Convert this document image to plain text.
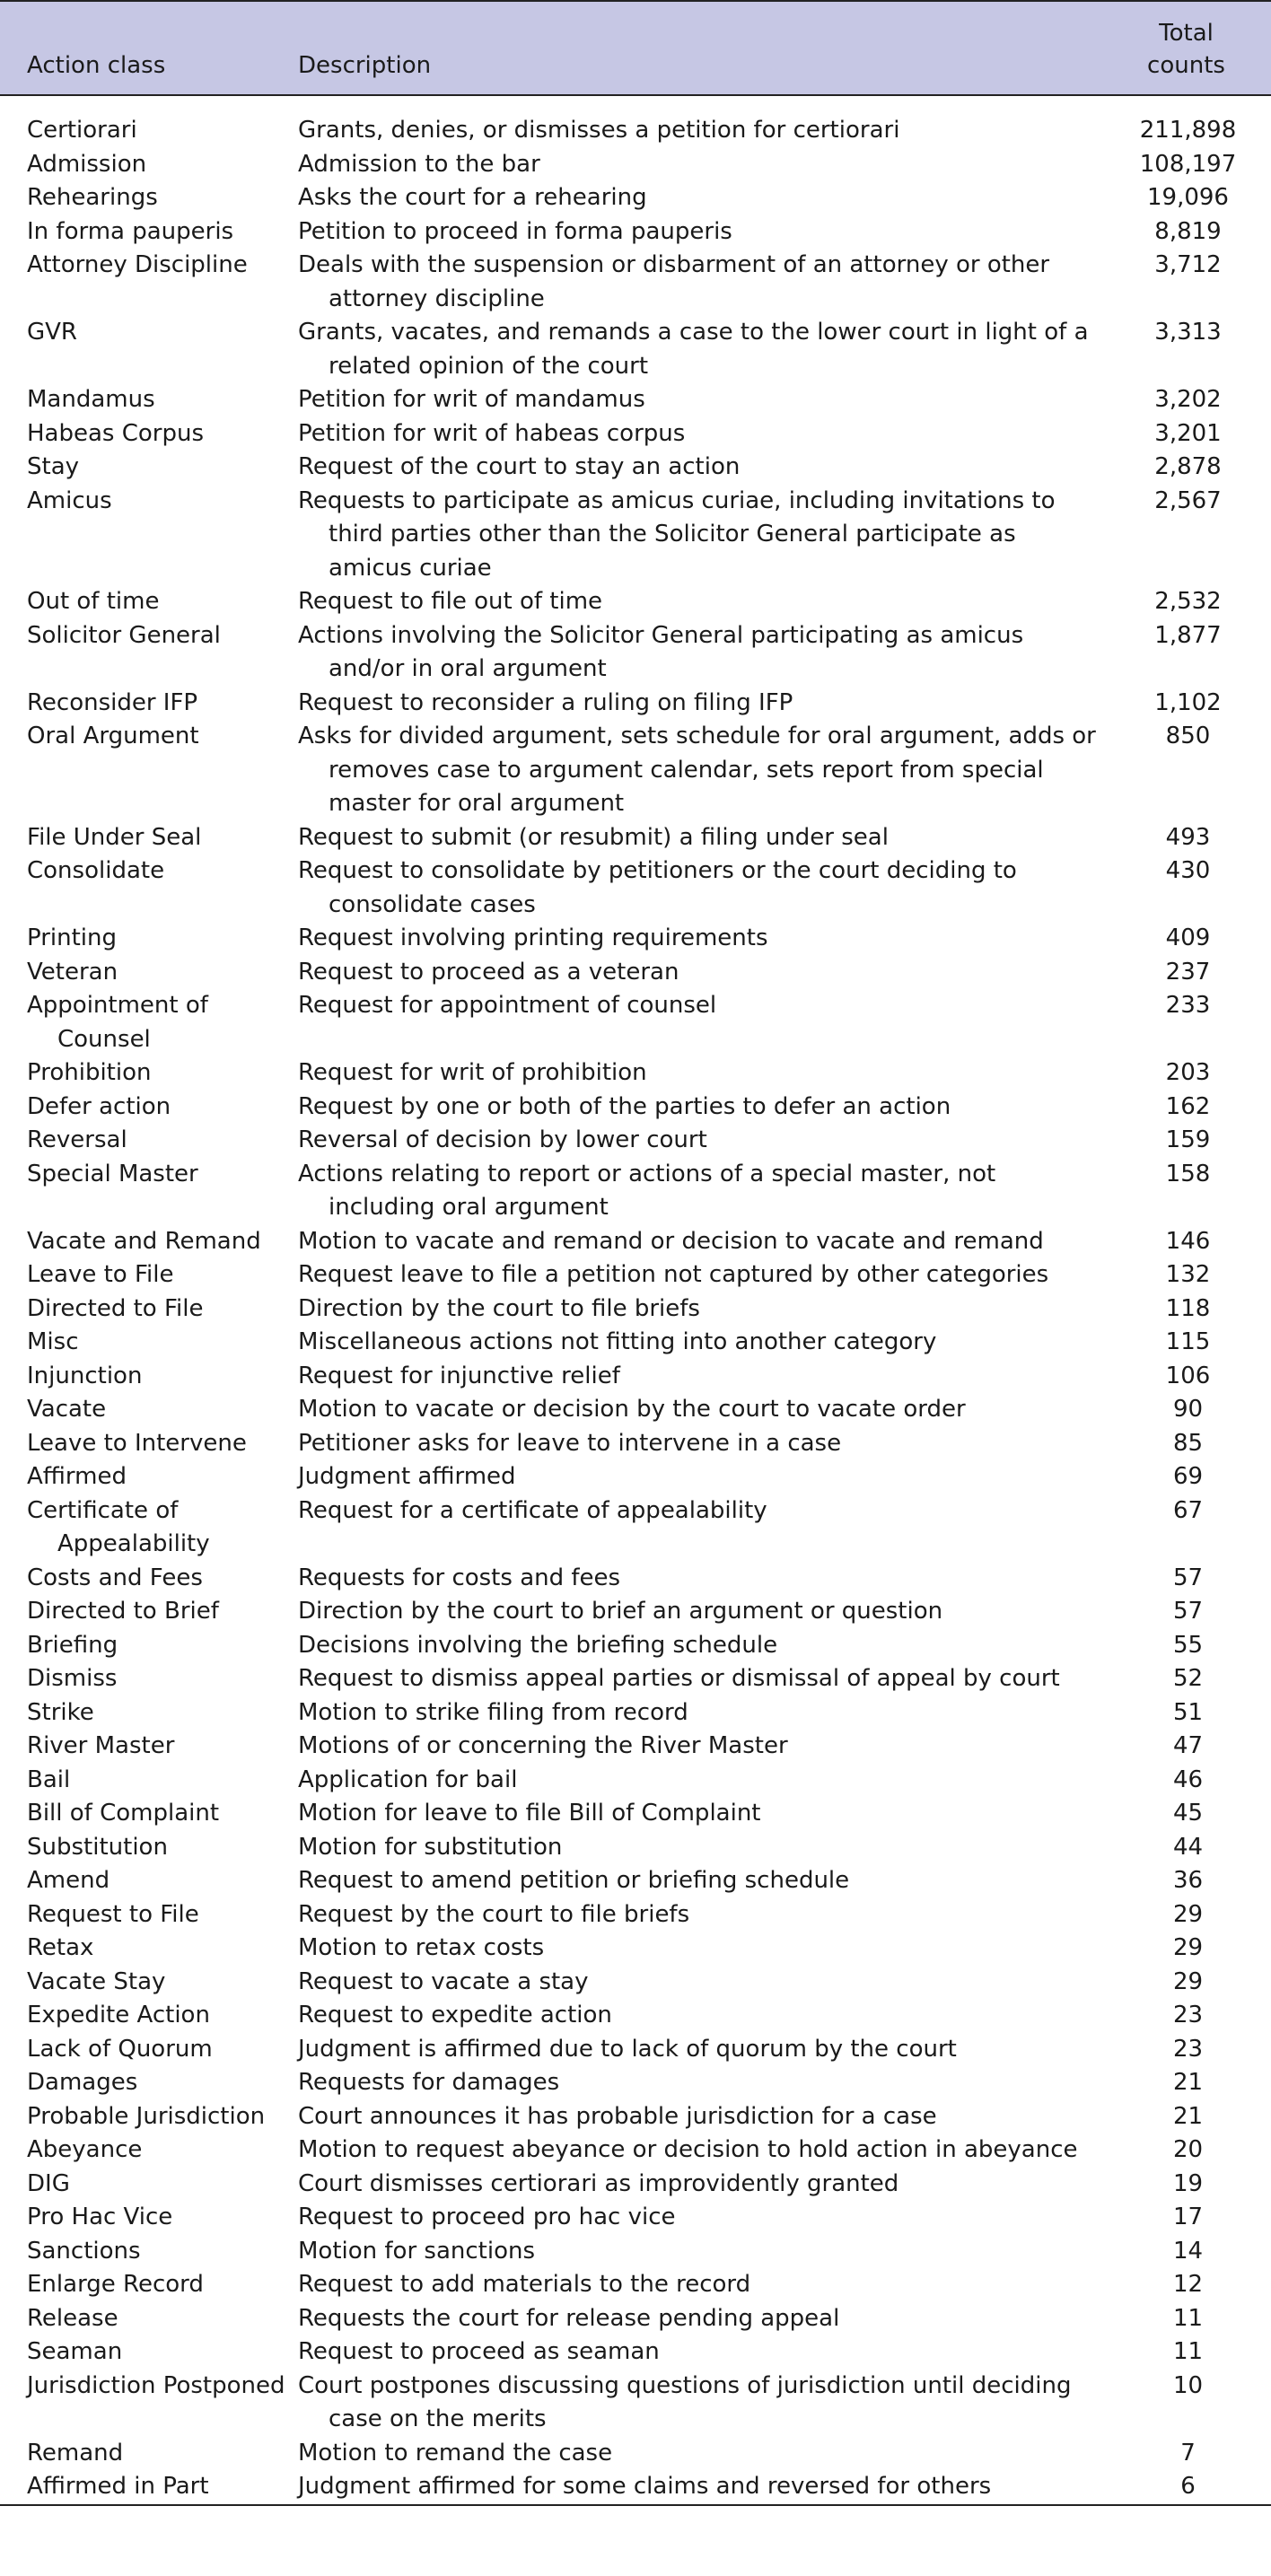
Action class	Description	Total
counts

Certiorari	Grants, denies, or dismisses a petition for certiorari	211,898

Admission	Admission to the bar	108,197

Rehearings	Asks the court for a rehearing	19,096

In forma pauperis	Petition to proceed in forma pauperis	8,819

Attorney Discipline	Deals with the suspension or disbarment of an attorney or other attorney discipline	3,712

GVR	Grants, vacates, and remands a case to the lower court in light of a related opinion of the court	3,313

Mandamus	Petition for writ of mandamus	3,202

Habeas Corpus	Petition for writ of habeas corpus	3,201

Stay	Request of the court to stay an action	2,878

Amicus	Requests to participate as amicus curiae, including invitations to third parties other than the Solicitor General participate as amicus curiae	2,567

Out of time	Request to file out of time	2,532

Solicitor General	Actions involving the Solicitor General participating as amicus and/or in oral argument	1,877

Reconsider IFP	Request to reconsider a ruling on filing IFP	1,102

Oral Argument	Asks for divided argument, sets schedule for oral argument, adds or removes case to argument calendar, sets report from special master for oral argument	850

File Under Seal	Request to submit (or resubmit) a filing under seal	493

Consolidate	Request to consolidate by petitioners or the court deciding to consolidate cases	430

Printing	Request involving printing requirements	409

Veteran	Request to proceed as a veteran	237

Appointment of Counsel	Request for appointment of counsel	233

Prohibition	Request for writ of prohibition	203

Defer action	Request by one or both of the parties to defer an action	162

Reversal	Reversal of decision by lower court	159

Special Master	Actions relating to report or actions of a special master, not including oral argument	158

Vacate and Remand	Motion to vacate and remand or decision to vacate and remand	146

Leave to File	Request leave to file a petition not captured by other categories	132

Directed to File	Direction by the court to file briefs	118

Misc	Miscellaneous actions not fitting into another category	115

Injunction	Request for injunctive relief	106

Vacate	Motion to vacate or decision by the court to vacate order	90

Leave to Intervene	Petitioner asks for leave to intervene in a case	85

Affirmed	Judgment affirmed	69

Certificate of Appealability	Request for a certificate of appealability	67

Costs and Fees	Requests for costs and fees	57

Directed to Brief	Direction by the court to brief an argument or question	57

Briefing	Decisions involving the briefing schedule	55

Dismiss	Request to dismiss appeal parties or dismissal of appeal by court	52

Strike	Motion to strike filing from record	51

River Master	Motions of or concerning the River Master	47

Bail	Application for bail	46

Bill of Complaint	Motion for leave to file Bill of Complaint	45

Substitution	Motion for substitution	44

Amend	Request to amend petition or briefing schedule	36

Request to File	Request by the court to file briefs	29

Retax	Motion to retax costs	29

Vacate Stay	Request to vacate a stay	29

Expedite Action	Request to expedite action	23

Lack of Quorum	Judgment is affirmed due to lack of quorum by the court	23

Damages	Requests for damages	21

Probable Jurisdiction	Court announces it has probable jurisdiction for a case	21

Abeyance	Motion to request abeyance or decision to hold action in abeyance	20

DIG	Court dismisses certiorari as improvidently granted	19

Pro Hac Vice	Request to proceed pro hac vice	17

Sanctions	Motion for sanctions	14

Enlarge Record	Request to add materials to the record	12

Release	Requests the court for release pending appeal	11

Seaman	Request to proceed as seaman	11

Jurisdiction Postponed	Court postpones discussing questions of jurisdiction until deciding case on the merits	10

Remand	Motion to remand the case	7

Affirmed in Part	Judgment affirmed for some claims and reversed for others	6
